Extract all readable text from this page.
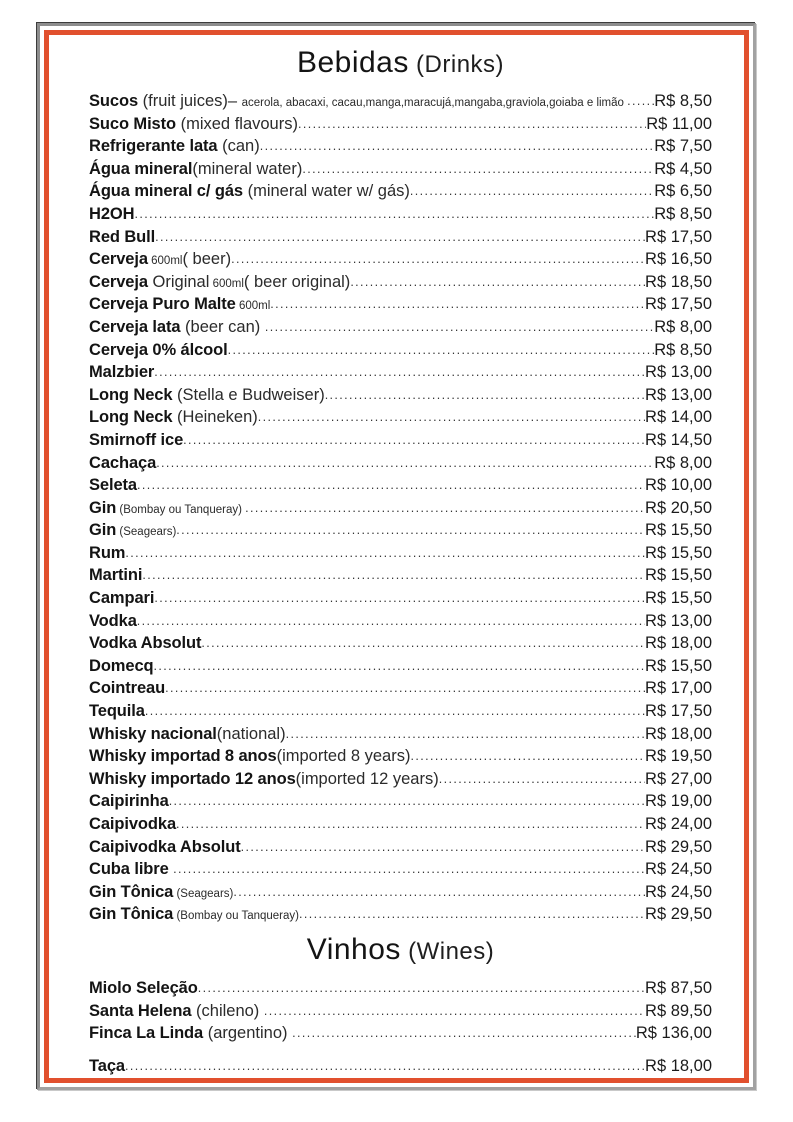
Bebidas (Drinks)
Sucos (fruit juices)– acerola, abacaxi, cacau,manga,maracujá,mangaba,graviola,goiaba e limão ..... R$ 8,50
Suco Misto (mixed flavours) .....	R$ 11,00
Refrigerante lata (can) .....	R$ 7,50
Água mineral(mineral water) .....	R$ 4,50
Água mineral c/ gás (mineral water w/ gás) .....	R$ 6,50
H2OH .....	R$ 8,50
Red Bull .....	R$ 17,50
Cerveja 600ml( beer) .....	R$ 16,50
Cerveja Original 600ml( beer original) .....	R$ 18,50
Cerveja Puro Malte 600ml .....	R$ 17,50
Cerveja lata (beer can) .....	R$ 8,00
Cerveja 0% álcool .....	R$ 8,50
Malzbier .....	R$ 13,00
Long Neck (Stella e Budweiser) .....	R$ 13,00
Long Neck (Heineken) .....	R$ 14,00
Smirnoff ice .....	R$ 14,50
Cachaça .....	R$ 8,00
Seleta .....	R$ 10,00
Gin (Bombay ou Tanqueray) .....	R$ 20,50
Gin (Seagears) .....	R$ 15,50
Rum .....	R$ 15,50
Martini .....	R$ 15,50
Campari .....	R$ 15,50
Vodka .....	R$ 13,00
Vodka Absolut .....	R$ 18,00
Domecq .....	R$ 15,50
Cointreau .....	R$ 17,00
Tequila .....	R$ 17,50
Whisky nacional(national) .....	R$ 18,00
Whisky importad 8 anos(imported 8 years) .....	R$ 19,50
Whisky importado 12 anos(imported 12 years) .....	R$ 27,00
Caipirinha .....	R$ 19,00
Caipivodka .....	R$ 24,00
Caipivodka Absolut .....	R$ 29,50
Cuba libre .....	R$ 24,50
Gin Tônica (Seagears) .....	R$ 24,50
Gin Tônica (Bombay ou Tanqueray) .....	R$ 29,50
Vinhos (Wines)
Miolo Seleção .....	R$ 87,50
Santa Helena (chileno) .....	R$ 89,50
Finca La Linda (argentino) .....	R$ 136,00
Taça .....	R$ 18,00
